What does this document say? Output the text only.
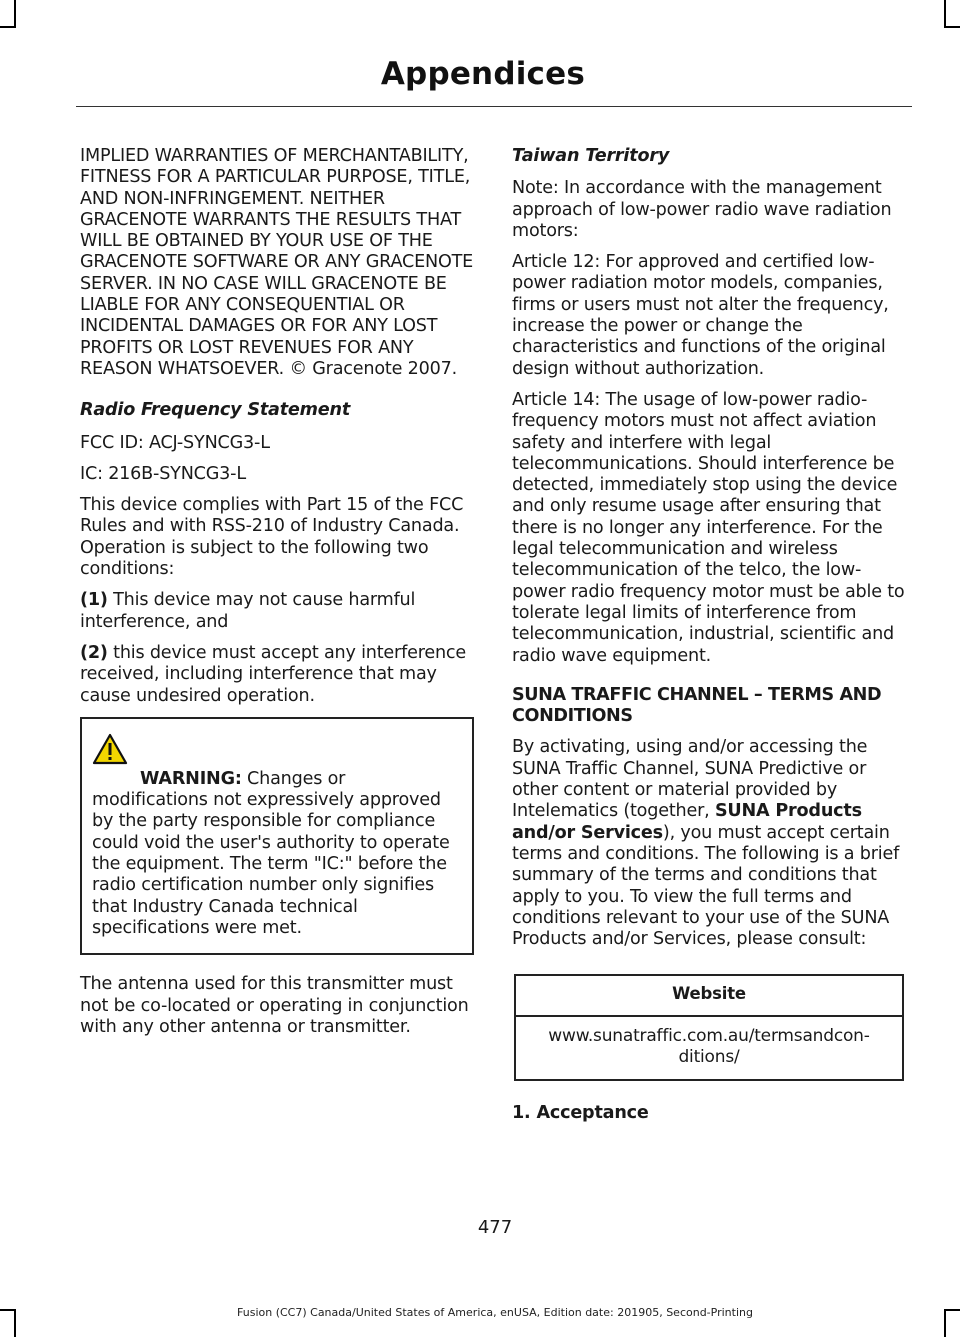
Appendices

IMPLIED WARRANTIES OF MERCHANTABILITY, FITNESS FOR A PARTICULAR PURPOSE, TITLE, AND NON-INFRINGEMENT. NEITHER GRACENOTE WARRANTS THE RESULTS THAT WILL BE OBTAINED BY YOUR USE OF THE GRACENOTE SOFTWARE OR ANY GRACENOTE SERVER. IN NO CASE WILL GRACENOTE BE LIABLE FOR ANY CONSEQUENTIAL OR INCIDENTAL DAMAGES OR FOR ANY LOST PROFITS OR LOST REVENUES FOR ANY REASON WHATSOEVER. © Gracenote 2007.

Radio Frequency Statement

FCC ID: ACJ-SYNCG3-L

IC: 216B-SYNCG3-L

This device complies with Part 15 of the FCC Rules and with RSS-210 of Industry Canada. Operation is subject to the following two conditions:

(1) This device may not cause harmful interference, and

(2) this device must accept any interference received, including interference that may cause undesired operation.

WARNING: Changes or modifications not expressively approved by the party responsible for compliance could void the user's authority to operate the equipment. The term "IC:" before the radio certification number only signifies that Industry Canada technical specifications were met.

The antenna used for this transmitter must not be co-located or operating in conjunction with any other antenna or transmitter.

Taiwan Territory

Note: In accordance with the management approach of low-power radio wave radiation motors:

Article 12: For approved and certified low-power radiation motor models, companies, firms or users must not alter the frequency, increase the power or change the characteristics and functions of the original design without authorization.

Article 14: The usage of low-power radio-frequency motors must not affect aviation safety and interfere with legal telecommunications. Should interference be detected, immediately stop using the device and only resume usage after ensuring that there is no longer any interference. For the legal telecommunication and wireless telecommunication of the telco, the low-power radio frequency motor must be able to tolerate legal limits of interference from telecommunication, industrial, scientific and radio wave equipment.

SUNA TRAFFIC CHANNEL – TERMS AND CONDITIONS

By activating, using and/or accessing the SUNA Traffic Channel, SUNA Predictive or other content or material provided by Intelematics (together, SUNA Products and/or Services), you must accept certain terms and conditions. The following is a brief summary of the terms and conditions that apply to you. To view the full terms and conditions relevant to your use of the SUNA Products and/or Services, please consult:

Website
www.sunatraffic.com.au/termsandcon-ditions/

1. Acceptance

477
Fusion (CC7) Canada/United States of America, enUSA, Edition date: 201905, Second-Printing
